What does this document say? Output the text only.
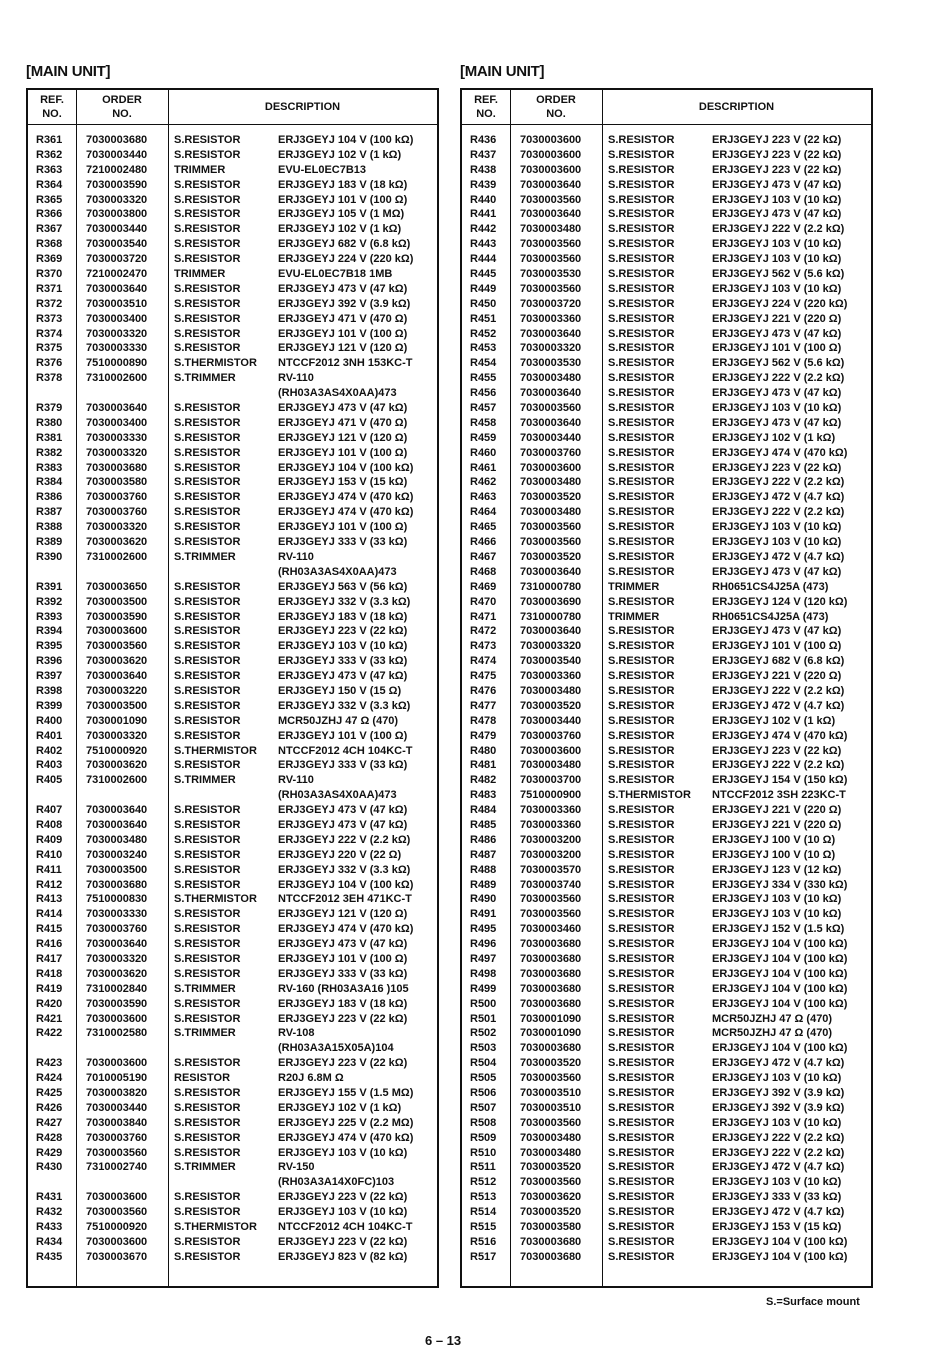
[MAIN UNIT]
REF.
NO.
ORDER
NO.
DESCRIPTION
R361 7030003680 S.RESISTOR	ERJ3GEYJ 104 V (100 kΩ)
R362 7030003440 S.RESISTOR	ERJ3GEYJ 102 V (1 kΩ)
R363 7210002480 TRIMMER	EVU-EL0EC7B13
R364 7030003590 S.RESISTOR	ERJ3GEYJ 183 V (18 kΩ)
R365 7030003320 S.RESISTOR	ERJ3GEYJ 101 V (100 Ω)
R366 7030003800 S.RESISTOR	ERJ3GEYJ 105 V (1 MΩ)
R367 7030003440 S.RESISTOR	ERJ3GEYJ 102 V (1 kΩ)
R368 7030003540 S.RESISTOR	ERJ3GEYJ 682 V (6.8 kΩ)
R369 7030003720 S.RESISTOR	ERJ3GEYJ 224 V (220 kΩ)
R370 7210002470 TRIMMER	EVU-EL0EC7B18 1MB
R371 7030003640 S.RESISTOR	ERJ3GEYJ 473 V (47 kΩ)
R372 7030003510 S.RESISTOR	ERJ3GEYJ 392 V (3.9 kΩ)
R373 7030003400 S.RESISTOR	ERJ3GEYJ 471 V (470 Ω)
R374 7030003320 S.RESISTOR	ERJ3GEYJ 101 V (100 Ω)
R375 7030003330 S.RESISTOR	ERJ3GEYJ 121 V (120 Ω)
R376 7510000890 S.THERMISTOR NTCCF2012 3NH 153KC-T
R378 7310002600 S.TRIMMER	RV-110
(RH03A3AS4X0AA)473
R379 7030003640 S.RESISTOR	ERJ3GEYJ 473 V (47 kΩ)
R380 7030003400 S.RESISTOR	ERJ3GEYJ 471 V (470 Ω)
R381 7030003330 S.RESISTOR	ERJ3GEYJ 121 V (120 Ω)
R382 7030003320 S.RESISTOR	ERJ3GEYJ 101 V (100 Ω)
R383 7030003680 S.RESISTOR	ERJ3GEYJ 104 V (100 kΩ)
R384 7030003580 S.RESISTOR	ERJ3GEYJ 153 V (15 kΩ)
R386 7030003760 S.RESISTOR	ERJ3GEYJ 474 V (470 kΩ)
R387 7030003760 S.RESISTOR	ERJ3GEYJ 474 V (470 kΩ)
R388 7030003320 S.RESISTOR	ERJ3GEYJ 101 V (100 Ω)
R389 7030003620 S.RESISTOR	ERJ3GEYJ 333 V (33 kΩ)
R390 7310002600 S.TRIMMER	RV-110
(RH03A3AS4X0AA)473
R391 7030003650 S.RESISTOR	ERJ3GEYJ 563 V (56 kΩ)
R392 7030003500 S.RESISTOR	ERJ3GEYJ 332 V (3.3 kΩ)
R393 7030003590 S.RESISTOR	ERJ3GEYJ 183 V (18 kΩ)
R394 7030003600 S.RESISTOR	ERJ3GEYJ 223 V (22 kΩ)
R395 7030003560 S.RESISTOR	ERJ3GEYJ 103 V (10 kΩ)
R396 7030003620 S.RESISTOR	ERJ3GEYJ 333 V (33 kΩ)
R397 7030003640 S.RESISTOR	ERJ3GEYJ 473 V (47 kΩ)
R398 7030003220 S.RESISTOR	ERJ3GEYJ 150 V (15 Ω)
R399 7030003500 S.RESISTOR	ERJ3GEYJ 332 V (3.3 kΩ)
R400 7030001090 S.RESISTOR	MCR50JZHJ 47 Ω (470)
R401 7030003320 S.RESISTOR	ERJ3GEYJ 101 V (100 Ω)
R402 7510000920 S.THERMISTOR NTCCF2012 4CH 104KC-T
R403 7030003620 S.RESISTOR	ERJ3GEYJ 333 V (33 kΩ)
R405 7310002600 S.TRIMMER	RV-110
(RH03A3AS4X0AA)473
R407 7030003640 S.RESISTOR	ERJ3GEYJ 473 V (47 kΩ)
R408 7030003640 S.RESISTOR	ERJ3GEYJ 473 V (47 kΩ)
R409 7030003480 S.RESISTOR	ERJ3GEYJ 222 V (2.2 kΩ)
R410 7030003240 S.RESISTOR	ERJ3GEYJ 220 V (22 Ω)
R411 7030003500 S.RESISTOR	ERJ3GEYJ 332 V (3.3 kΩ)
R412 7030003680 S.RESISTOR	ERJ3GEYJ 104 V (100 kΩ)
R413 7510000830 S.THERMISTOR NTCCF2012 3EH 471KC-T
R414 7030003330 S.RESISTOR	ERJ3GEYJ 121 V (120 Ω)
R415 7030003760 S.RESISTOR	ERJ3GEYJ 474 V (470 kΩ)
R416 7030003640 S.RESISTOR	ERJ3GEYJ 473 V (47 kΩ)
R417 7030003320 S.RESISTOR	ERJ3GEYJ 101 V (100 Ω)
R418 7030003620 S.RESISTOR	ERJ3GEYJ 333 V (33 kΩ)
R419 7310002840 S.TRIMMER	RV-160 (RH03A3A16 )105
R420 7030003590 S.RESISTOR	ERJ3GEYJ 183 V (18 kΩ)
R421 7030003600 S.RESISTOR	ERJ3GEYJ 223 V (22 kΩ)
R422 7310002580 S.TRIMMER	RV-108
(RH03A3A15X05A)104
R423 7030003600 S.RESISTOR	ERJ3GEYJ 223 V (22 kΩ)
R424 7010005190 RESISTOR	R20J 6.8M Ω
R425 7030003820 S.RESISTOR	ERJ3GEYJ 155 V (1.5 MΩ)
R426 7030003440 S.RESISTOR	ERJ3GEYJ 102 V (1 kΩ)
R427 7030003840 S.RESISTOR	ERJ3GEYJ 225 V (2.2 MΩ)
R428 7030003760 S.RESISTOR	ERJ3GEYJ 474 V (470 kΩ)
R429 7030003560 S.RESISTOR	ERJ3GEYJ 103 V (10 kΩ)
R430 7310002740 S.TRIMMER	RV-150
(RH03A3A14X0FC)103
R431 7030003600 S.RESISTOR	ERJ3GEYJ 223 V (22 kΩ)
R432 7030003560 S.RESISTOR	ERJ3GEYJ 103 V (10 kΩ)
R433 7510000920 S.THERMISTOR NTCCF2012 4CH 104KC-T
R434 7030003600 S.RESISTOR	ERJ3GEYJ 223 V (22 kΩ)
R435 7030003670 S.RESISTOR	ERJ3GEYJ 823 V (82 kΩ)
[MAIN UNIT]
REF.
NO.
ORDER
NO.
DESCRIPTION
R436 7030003600 S.RESISTOR	ERJ3GEYJ 223 V (22 kΩ)
R437 7030003600 S.RESISTOR	ERJ3GEYJ 223 V (22 kΩ)
R438 7030003600 S.RESISTOR	ERJ3GEYJ 223 V (22 kΩ)
R439 7030003640 S.RESISTOR	ERJ3GEYJ 473 V (47 kΩ)
R440 7030003560 S.RESISTOR	ERJ3GEYJ 103 V (10 kΩ)
R441 7030003640 S.RESISTOR	ERJ3GEYJ 473 V (47 kΩ)
R442 7030003480 S.RESISTOR	ERJ3GEYJ 222 V (2.2 kΩ)
R443 7030003560 S.RESISTOR	ERJ3GEYJ 103 V (10 kΩ)
R444 7030003560 S.RESISTOR	ERJ3GEYJ 103 V (10 kΩ)
R445 7030003530 S.RESISTOR	ERJ3GEYJ 562 V (5.6 kΩ)
R449 7030003560 S.RESISTOR	ERJ3GEYJ 103 V (10 kΩ)
R450 7030003720 S.RESISTOR	ERJ3GEYJ 224 V (220 kΩ)
R451 7030003360 S.RESISTOR	ERJ3GEYJ 221 V (220 Ω)
R452 7030003640 S.RESISTOR	ERJ3GEYJ 473 V (47 kΩ)
R453 7030003320 S.RESISTOR	ERJ3GEYJ 101 V (100 Ω)
R454 7030003530 S.RESISTOR	ERJ3GEYJ 562 V (5.6 kΩ)
R455 7030003480 S.RESISTOR	ERJ3GEYJ 222 V (2.2 kΩ)
R456 7030003640 S.RESISTOR	ERJ3GEYJ 473 V (47 kΩ)
R457 7030003560 S.RESISTOR	ERJ3GEYJ 103 V (10 kΩ)
R458 7030003640 S.RESISTOR	ERJ3GEYJ 473 V (47 kΩ)
R459 7030003440 S.RESISTOR	ERJ3GEYJ 102 V (1 kΩ)
R460 7030003760 S.RESISTOR	ERJ3GEYJ 474 V (470 kΩ)
R461 7030003600 S.RESISTOR	ERJ3GEYJ 223 V (22 kΩ)
R462 7030003480 S.RESISTOR	ERJ3GEYJ 222 V (2.2 kΩ)
R463 7030003520 S.RESISTOR	ERJ3GEYJ 472 V (4.7 kΩ)
R464 7030003480 S.RESISTOR	ERJ3GEYJ 222 V (2.2 kΩ)
R465 7030003560 S.RESISTOR	ERJ3GEYJ 103 V (10 kΩ)
R466 7030003560 S.RESISTOR	ERJ3GEYJ 103 V (10 kΩ)
R467 7030003520 S.RESISTOR	ERJ3GEYJ 472 V (4.7 kΩ)
R468 7030003640 S.RESISTOR	ERJ3GEYJ 473 V (47 kΩ)
R469 7310000780 TRIMMER	RH0651CS4J25A (473)
R470 7030003690 S.RESISTOR	ERJ3GEYJ 124 V (120 kΩ)
R471 7310000780 TRIMMER	RH0651CS4J25A (473)
R472 7030003640 S.RESISTOR	ERJ3GEYJ 473 V (47 kΩ)
R473 7030003320 S.RESISTOR	ERJ3GEYJ 101 V (100 Ω)
R474 7030003540 S.RESISTOR	ERJ3GEYJ 682 V (6.8 kΩ)
R475 7030003360 S.RESISTOR	ERJ3GEYJ 221 V (220 Ω)
R476 7030003480 S.RESISTOR	ERJ3GEYJ 222 V (2.2 kΩ)
R477 7030003520 S.RESISTOR	ERJ3GEYJ 472 V (4.7 kΩ)
R478 7030003440 S.RESISTOR	ERJ3GEYJ 102 V (1 kΩ)
R479 7030003760 S.RESISTOR	ERJ3GEYJ 474 V (470 kΩ)
R480 7030003600 S.RESISTOR	ERJ3GEYJ 223 V (22 kΩ)
R481 7030003480 S.RESISTOR	ERJ3GEYJ 222 V (2.2 kΩ)
R482 7030003700 S.RESISTOR	ERJ3GEYJ 154 V (150 kΩ)
R483 7510000900 S.THERMISTOR NTCCF2012 3SH 223KC-T
R484 7030003360 S.RESISTOR	ERJ3GEYJ 221 V (220 Ω)
R485 7030003360 S.RESISTOR	ERJ3GEYJ 221 V (220 Ω)
R486 7030003200 S.RESISTOR	ERJ3GEYJ 100 V (10 Ω)
R487 7030003200 S.RESISTOR	ERJ3GEYJ 100 V (10 Ω)
R488 7030003570 S.RESISTOR	ERJ3GEYJ 123 V (12 kΩ)
R489 7030003740 S.RESISTOR	ERJ3GEYJ 334 V (330 kΩ)
R490 7030003560 S.RESISTOR	ERJ3GEYJ 103 V (10 kΩ)
R491 7030003560 S.RESISTOR	ERJ3GEYJ 103 V (10 kΩ)
R495 7030003460 S.RESISTOR	ERJ3GEYJ 152 V (1.5 kΩ)
R496 7030003680 S.RESISTOR	ERJ3GEYJ 104 V (100 kΩ)
R497 7030003680 S.RESISTOR	ERJ3GEYJ 104 V (100 kΩ)
R498 7030003680 S.RESISTOR	ERJ3GEYJ 104 V (100 kΩ)
R499 7030003680 S.RESISTOR	ERJ3GEYJ 104 V (100 kΩ)
R500 7030003680 S.RESISTOR	ERJ3GEYJ 104 V (100 kΩ)
R501 7030001090 S.RESISTOR	MCR50JZHJ 47 Ω (470)
R502 7030001090 S.RESISTOR	MCR50JZHJ 47 Ω (470)
R503 7030003680 S.RESISTOR	ERJ3GEYJ 104 V (100 kΩ)
R504 7030003520 S.RESISTOR	ERJ3GEYJ 472 V (4.7 kΩ)
R505 7030003560 S.RESISTOR	ERJ3GEYJ 103 V (10 kΩ)
R506 7030003510 S.RESISTOR	ERJ3GEYJ 392 V (3.9 kΩ)
R507 7030003510 S.RESISTOR	ERJ3GEYJ 392 V (3.9 kΩ)
R508 7030003560 S.RESISTOR	ERJ3GEYJ 103 V (10 kΩ)
R509 7030003480 S.RESISTOR	ERJ3GEYJ 222 V (2.2 kΩ)
R510 7030003480 S.RESISTOR	ERJ3GEYJ 222 V (2.2 kΩ)
R511 7030003520 S.RESISTOR	ERJ3GEYJ 472 V (4.7 kΩ)
R512 7030003560 S.RESISTOR	ERJ3GEYJ 103 V (10 kΩ)
R513 7030003620 S.RESISTOR	ERJ3GEYJ 333 V (33 kΩ)
R514 7030003520 S.RESISTOR	ERJ3GEYJ 472 V (4.7 kΩ)
R515 7030003580 S.RESISTOR	ERJ3GEYJ 153 V (15 kΩ)
R516 7030003680 S.RESISTOR	ERJ3GEYJ 104 V (100 kΩ)
R517 7030003680 S.RESISTOR	ERJ3GEYJ 104 V (100 kΩ)
S.=Surface mount
6 – 13
